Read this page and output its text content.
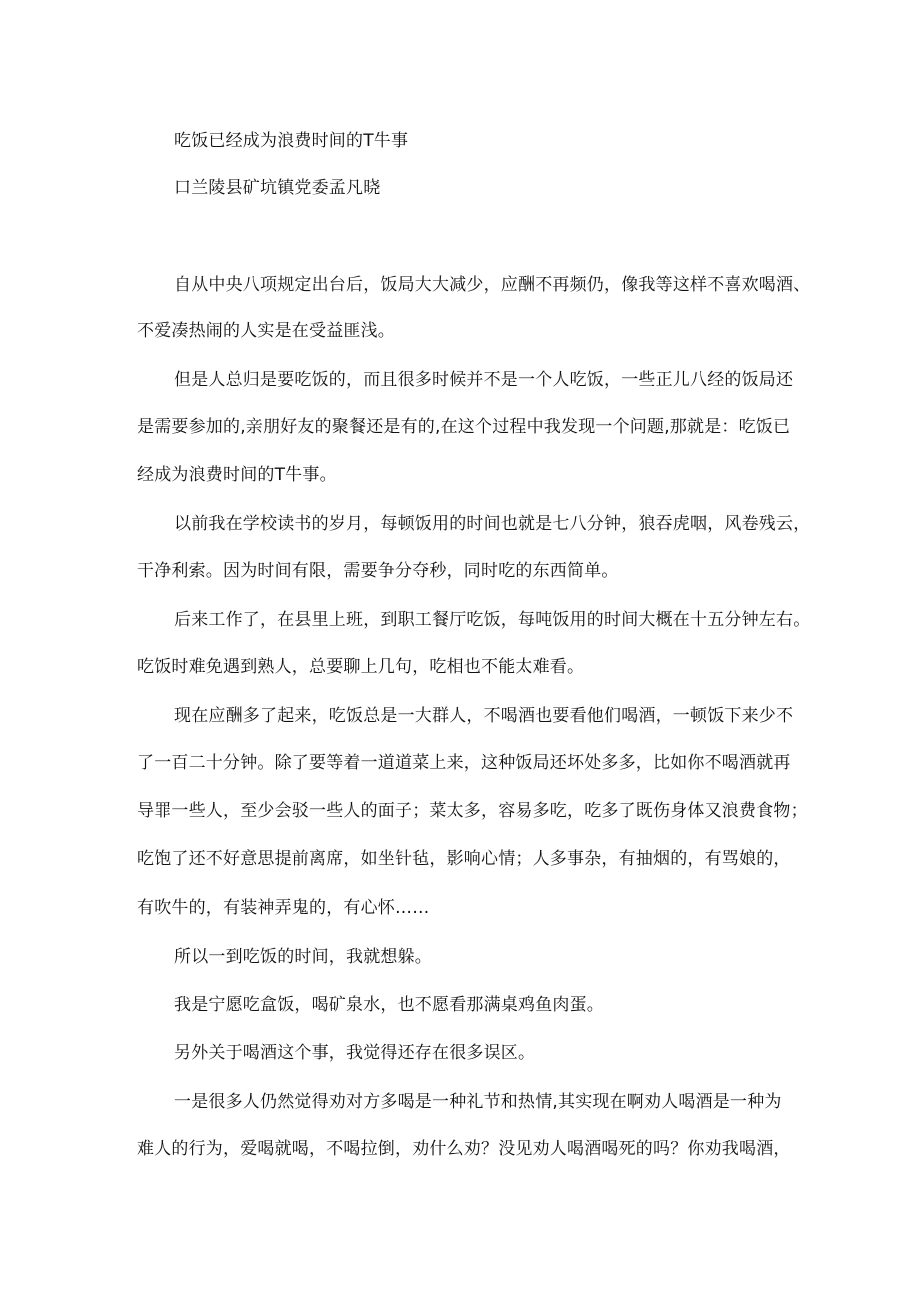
吃饭已经成为浪费时间的T牛事
口兰陵县矿坑镇党委孟凡晓
自从中央八项规定出台后，饭局大大减少，应酬不再频仍，像我等这样不喜欢喝酒、
不爱凑热闹的人实是在受益匪浅。
但是人总归是要吃饭的，而且很多时候并不是一个人吃饭，一些正儿八经的饭局还
是需要参加的,亲朋好友的聚餐还是有的,在这个过程中我发现一个问题,那就是：吃饭已
经成为浪费时间的T牛事。
以前我在学校读书的岁月，每顿饭用的时间也就是七八分钟，狼吞虎咽，风卷残云，
干净利索。因为时间有限，需要争分夺秒，同时吃的东西简单。
后来工作了，在县里上班，到职工餐厅吃饭，每吨饭用的时间大概在十五分钟左右。
吃饭时难免遇到熟人，总要聊上几句，吃相也不能太难看。
现在应酬多了起来，吃饭总是一大群人，不喝酒也要看他们喝酒，一顿饭下来少不
了一百二十分钟。除了要等着一道道菜上来，这种饭局还坏处多多，比如你不喝酒就再
导罪一些人，至少会驳一些人的面子；菜太多，容易多吃，吃多了既伤身体又浪费食物；
吃饱了还不好意思提前离席，如坐针毡，影响心情；人多事杂，有抽烟的，有骂娘的，
有吹牛的，有装神弄鬼的，有心怀……
所以一到吃饭的时间，我就想躲。
我是宁愿吃盒饭，喝矿泉水，也不愿看那满桌鸡鱼肉蛋。
另外关于喝酒这个事，我觉得还存在很多误区。
一是很多人仍然觉得劝对方多喝是一种礼节和热情,其实现在啊劝人喝酒是一种为
难人的行为，爱喝就喝，不喝拉倒，劝什么劝？没见劝人喝酒喝死的吗？你劝我喝酒，
